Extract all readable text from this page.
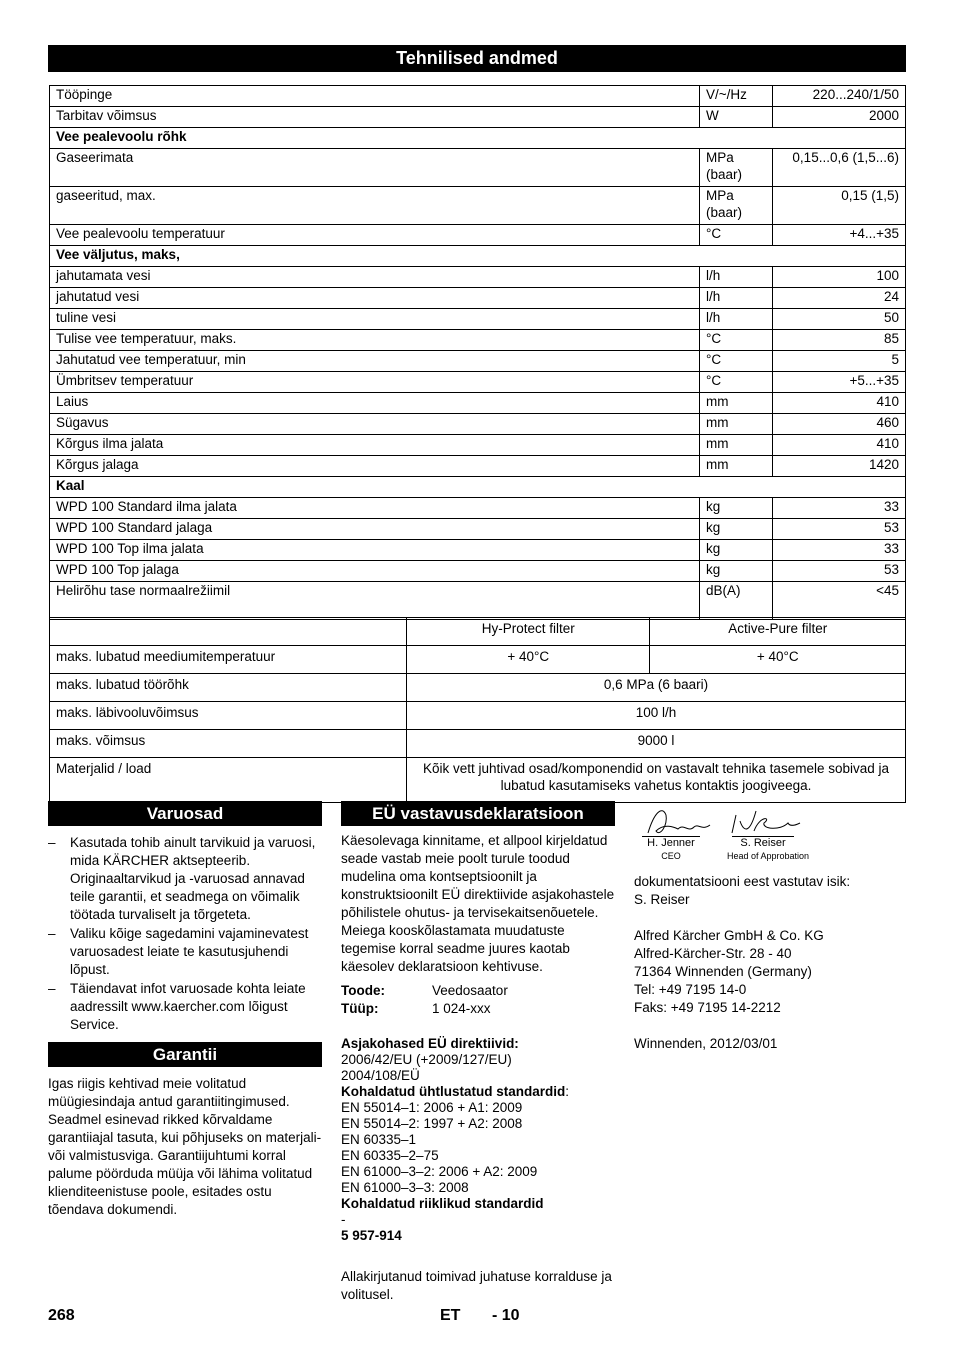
Tehnilised andmed
Tööpinge	V/~/Hz	220...240/1/50
Tarbitav võimsus	W	2000
Vee pealevoolu rõhk		
Gaseerimata	MPa (baar)	0,15...0,6 (1,5...6)
gaseeritud, max.	MPa (baar)	0,15 (1,5)
Vee pealevoolu temperatuur	°C	+4...+35
Vee väljutus, maks,		
jahutamata vesi	l/h	100
jahutatud vesi	l/h	24
tuline vesi	l/h	50
Tulise vee temperatuur, maks.	°C	85
Jahutatud vee temperatuur, min	°C	5
Ümbritsev temperatuur	°C	+5...+35
Laius	mm	410
Sügavus	mm	460
Kõrgus ilma jalata	mm	410
Kõrgus jalaga	mm	1420
Kaal		
WPD 100 Standard ilma jalata	kg	33
WPD 100 Standard jalaga	kg	53
WPD 100 Top ilma jalata	kg	33
WPD 100 Top jalaga	kg	53
Helirõhu tase normaalrežiimil	dB(A)	<45
	Hy-Protect filter	Active-Pure filter
maks. lubatud meediumitemperatuur	+ 40°C	+ 40°C
maks. lubatud töörõhk	0,6 MPa (6 baari)	
maks. läbivooluvõimsus	100 l/h	
maks. võimsus	9000 l	
Materjalid / load	Kõik vett juhtivad osad/komponendid on vastavalt tehnika tasemele sobivad ja lubatud kasutamiseks vahetus kontaktis joogiveega.	
Varuosad
– Kasutada tohib ainult tarvikuid ja varuosi, mida KÄRCHER aktsepteerib. Originaaltarvikud ja -varuosad annavad teile garantii, et seadmega on võimalik töötada turvaliselt ja tõrgeteta.
– Valiku kõige sagedamini vajaminevatest varuosadest leiate te kasutusjuhendi lõpust.
– Täiendavat infot varuosade kohta leiate aadressilt www.kaercher.com lõigust Service.
Garantii
Igas riigis kehtivad meie volitatud müügiesindaja antud garantiitingimused. Seadmel esinevad rikked kõrvaldame garantiiajal tasuta, kui põhjuseks on materjali- või valmistusviga. Garantiijuhtumi korral palume pöörduda müüja või lähima volitatud klienditeenistuse poole, esitades ostu tõendava dokumendi.
EÜ vastavusdeklaratsioon
Käesolevaga kinnitame, et allpool kirjeldatud seade vastab meie poolt turule toodud mudelina oma kontseptsioonilt ja konstruktsioonilt EÜ direktiivide asjakohastele põhilistele ohutus- ja tervisekaitsenõuetele. Meiega kooskõlastamata muudatuste tegemise korral seadme juures kaotab käesolev deklaratsioon kehtivuse.
Toode:	Veedosaator
Tüüp:	1 024-xxx
Asjakohased EÜ direktiivid:
2006/42/EU (+2009/127/EU)
2004/108/EÜ
Kohaldatud ühtlustatud standardid:
EN 55014–1: 2006 + A1: 2009
EN 55014–2: 1997 + A2: 2008
EN 60335–1
EN 60335–2–75
EN 61000–3–2: 2006 + A2: 2009
EN 61000–3–3: 2008
Kohaldatud riiklikud standardid
-
5 957-914
Allakirjutanud toimivad juhatuse korralduse ja volitusel.
H. Jenner
CEO
S. Reiser
Head of Approbation
dokumentatsiooni eest vastutav isik:
S. Reiser
Alfred Kärcher GmbH & Co. KG
Alfred-Kärcher-Str. 28 - 40
71364 Winnenden (Germany)
Tel: +49 7195 14-0
Faks: +49 7195 14-2212
Winnenden, 2012/03/01
268	ET - 10
